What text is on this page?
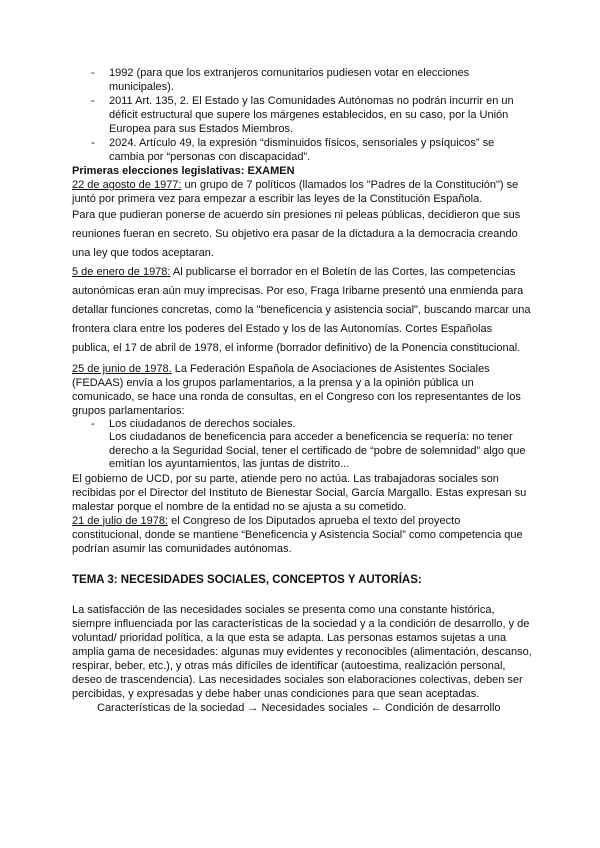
- 1992 (para que los extranjeros comunitarios pudiesen votar en elecciones municipales).
- 2011 Art. 135, 2. El Estado y las Comunidades Autónomas no podrán incurrir en un déficit estructural que supere los márgenes establecidos, en su caso, por la Unión Europea para sus Estados Miembros.
- 2024. Artículo 49, la expresión “disminuidos físicos, sensoriales y psíquicos” se cambia por “personas con discapacidad”.
Primeras elecciones legislativas: EXAMEN
22 de agosto de 1977: un grupo de 7 políticos (llamados los "Padres de la Constitución") se juntó por primera vez para empezar a escribir las leyes de la Constitución Española.
Para que pudieran ponerse de acuerdo sin presiones ni peleas públicas, decidieron que sus reuniones fueran en secreto. Su objetivo era pasar de la dictadura a la democracia creando una ley que todos aceptaran.
5 de enero de 1978: Al publicarse el borrador en el Boletín de las Cortes, las competencias autonómicas eran aún muy imprecisas. Por eso, Fraga Iribarne presentó una enmienda para detallar funciones concretas, como la "beneficencia y asistencia social", buscando marcar una frontera clara entre los poderes del Estado y los de las Autonomías. Cortes Españolas publica, el 17 de abril de 1978, el informe (borrador definitivo) de la Ponencia constitucional.
25 de junio de 1978. La Federación Española de Asociaciones de Asistentes Sociales (FEDAAS) envía a los grupos parlamentarios, a la prensa y a la opinión pública un comunicado, se hace una ronda de consultas, en el Congreso con los representantes de los grupos parlamentarios:
- Los ciudadanos de derechos sociales.
Los ciudadanos de beneficencia para acceder a beneficencia se requería: no tener derecho a la Seguridad Social, tener el certificado de “pobre de solemnidad” algo que emitían los ayuntamientos, las juntas de distrito...
El gobierno de UCD, por su parte, atiende pero no actúa. Las trabajadoras sociales son recibidas por el Director del Instituto de Bienestar Social, García Margallo. Estas expresan su malestar porque el nombre de la entidad no se ajusta a su cometido.
21 de julio de 1978: el Congreso de los Diputados aprueba el texto del proyecto constitucional, donde se mantiene “Beneficencia y Asistencia Social” como competencia que podrían asumir las comunidades autónomas.
TEMA 3: NECESIDADES SOCIALES, CONCEPTOS Y AUTORÍAS:
La satisfacción de las necesidades sociales se presenta como una constante histórica, siempre influenciada por las características de la sociedad y a la condición de desarrollo, y de voluntad/ prioridad política, a la que esta se adapta. Las personas estamos sujetas a una amplia gama de necesidades: algunas muy evidentes y reconocibles (alimentación, descanso, respirar, beber, etc.), y otras más difíciles de identificar (autoestima, realización personal, deseo de trascendencia). Las necesidades sociales son elaboraciones colectivas, deben ser percibidas, y expresadas y debe haber unas condiciones para que sean aceptadas.
Características de la sociedad → Necesidades sociales ← Condición de desarrollo
